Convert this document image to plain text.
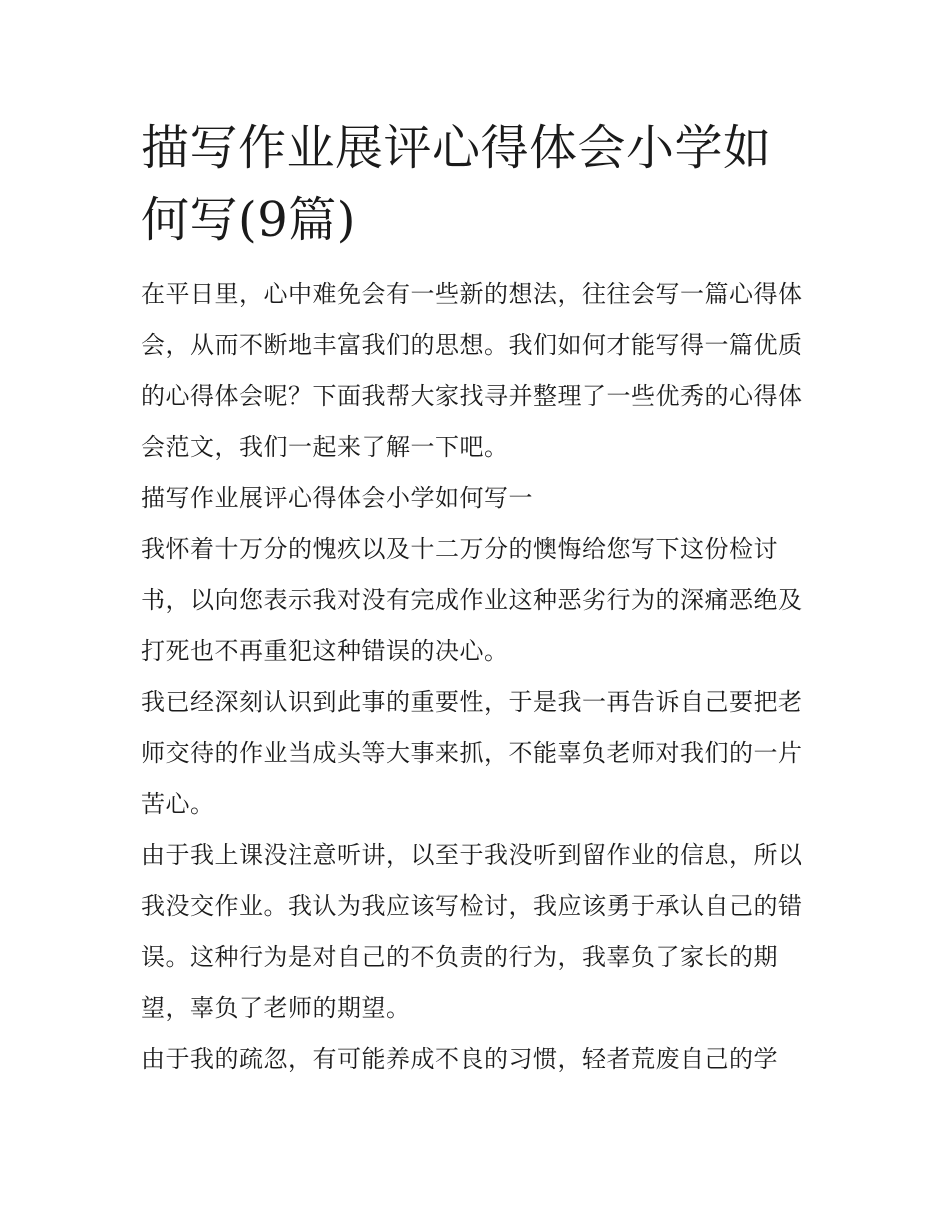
描写作业展评心得体会小学如何写(9篇)

在平日里，心中难免会有一些新的想法，往往会写一篇心得体会，从而不断地丰富我们的思想。我们如何才能写得一篇优质的心得体会呢？下面我帮大家找寻并整理了一些优秀的心得体会范文，我们一起来了解一下吧。

描写作业展评心得体会小学如何写一

我怀着十万分的愧疚以及十二万分的懊悔给您写下这份检讨书，以向您表示我对没有完成作业这种恶劣行为的深痛恶绝及打死也不再重犯这种错误的决心。

我已经深刻认识到此事的重要性，于是我一再告诉自己要把老师交待的作业当成头等大事来抓，不能辜负老师对我们的一片苦心。

由于我上课没注意听讲，以至于我没听到留作业的信息，所以我没交作业。我认为我应该写检讨，我应该勇于承认自己的错误。这种行为是对自己的不负责的行为，我辜负了家长的期望，辜负了老师的期望。

由于我的疏忽，有可能养成不良的习惯，轻者荒废自己的学
